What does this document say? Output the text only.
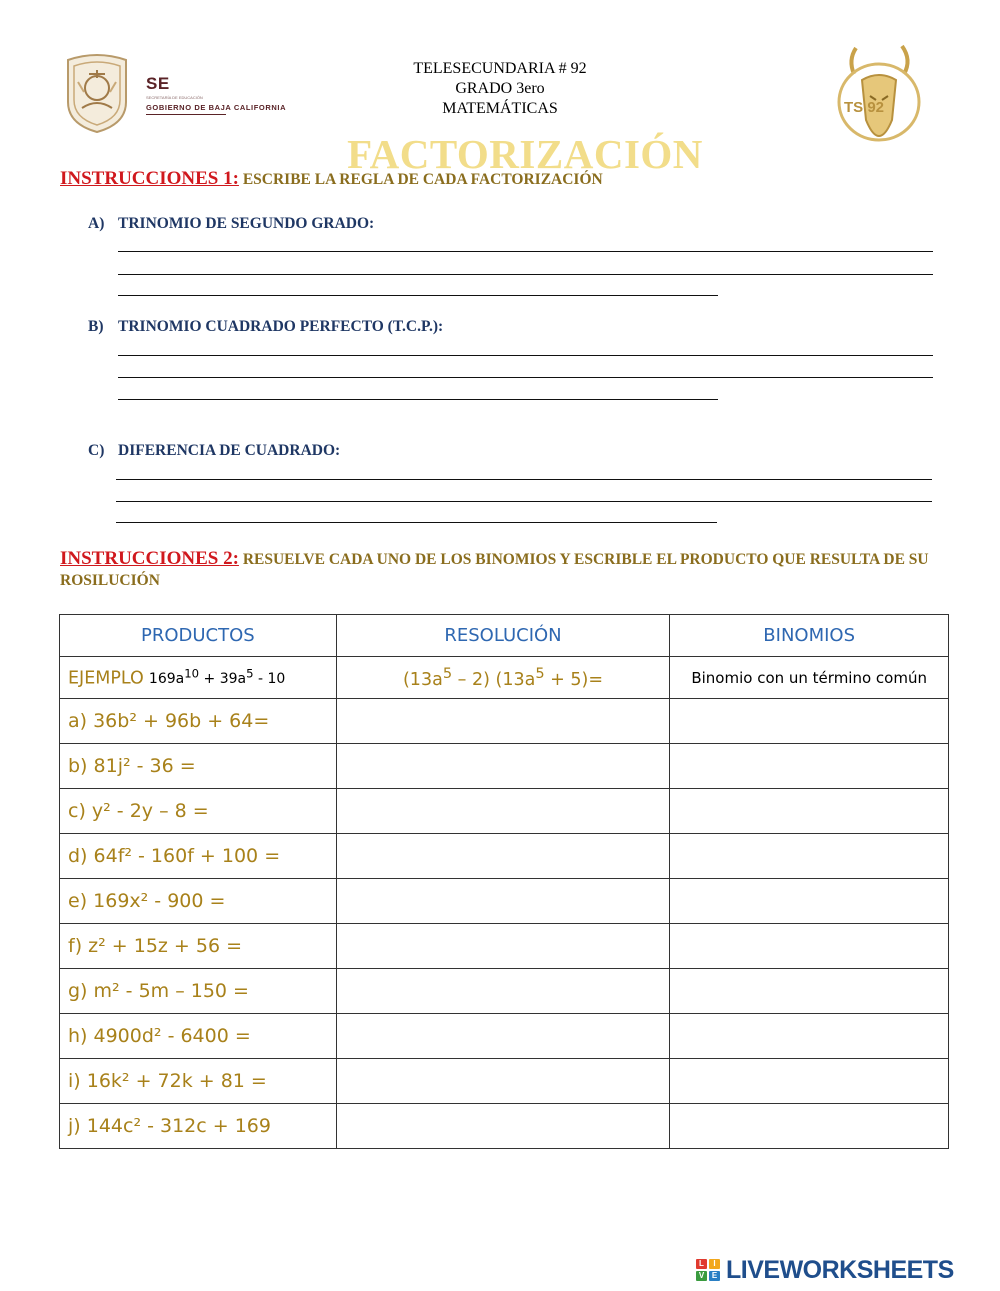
SE
SECRETARÍA DE EDUCACIÓN
GOBIERNO DE BAJA CALIFORNIA
TELESECUNDARIA # 92
GRADO 3ero
MATEMÁTICAS	TS 92
FACTORIZACIÓN
INSTRUCCIONES 1: ESCRIBE LA REGLA DE CADA FACTORIZACIÓN
A) TRINOMIO DE SEGUNDO GRADO:
B) TRINOMIO CUADRADO PERFECTO (T.C.P.):
C) DIFERENCIA DE CUADRADO:
INSTRUCCIONES 2: RESUELVE CADA UNO DE LOS BINOMIOS Y ESCRIBLE EL PRODUCTO QUE RESULTA DE SU ROSILUCIÓN
PRODUCTOS	RESOLUCIÓN	BINOMIOS
EJEMPLO $169a^{10} + 39a^5 - 10$	$(13a^5 - 2) (13a^5 + 5)=$	Binomio con un término común
a) 36b² + 96b + 64=		
b) 81j² - 36 =		
c) y² - 2y – 8 =		
d) 64f² - 160f + 100 =		
e) 169x² - 900 =		
f) z² + 15z + 56 =		
g) m² - 5m – 150 =		
h) 4900d² - 6400 =		
i) 16k² + 72k + 81 =		
j) 144c² - 312c + 169		
L	I
V E LIVEWORKSHEETS
